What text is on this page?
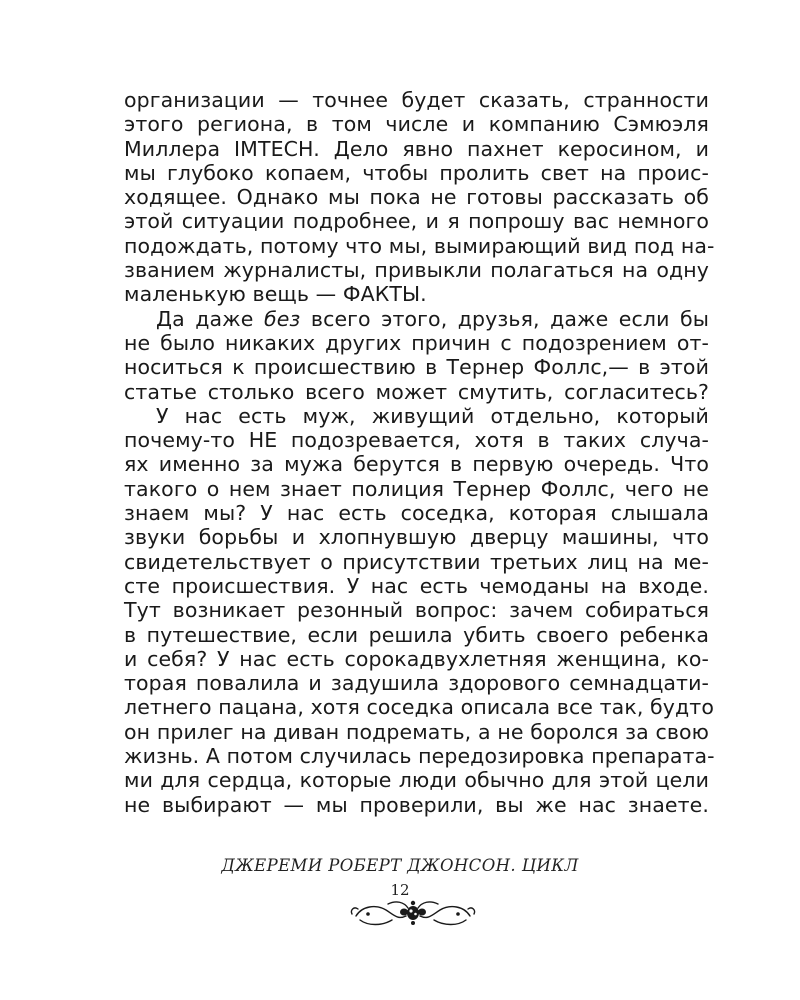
организации — точнее будет сказать, странности
этого региона, в том числе и компанию Сэмюэля
Миллера IMTECH. Дело явно пахнет керосином, и
мы глубоко копаем, чтобы пролить свет на проис-
ходящее. Однако мы пока не готовы рассказать об
этой ситуации подробнее, и я попрошу вас немного
подождать, потому что мы, вымирающий вид под на-
званием журналисты, привыкли полагаться на одну
маленькую вещь — ФАКТЫ.
Да даже без всего этого, друзья, даже если бы
не было никаких других причин с подозрением от-
носиться к происшествию в Тернер Фоллс,— в этой
статье столько всего может смутить, согласитесь?
У нас есть муж, живущий отдельно, который
почему-то НЕ подозревается, хотя в таких случа-
ях именно за мужа берутся в первую очередь. Что
такого о нем знает полиция Тернер Фоллс, чего не
знаем мы? У нас есть соседка, которая слышала
звуки борьбы и хлопнувшую дверцу машины, что
свидетельствует о присутствии третьих лиц на ме-
сте происшествия. У нас есть чемоданы на входе.
Тут возникает резонный вопрос: зачем собираться
в путешествие, если решила убить своего ребенка
и себя? У нас есть сорокадвухлетняя женщина, ко-
торая повалила и задушила здорового семнадцати-
летнего пацана, хотя соседка описала все так, будто
он прилег на диван подремать, а не боролся за свою
жизнь. А потом случилась передозировка препарата-
ми для сердца, которые люди обычно для этой цели
не выбирают — мы проверили, вы же нас знаете.
ДЖЕРЕМИ РОБЕРТ ДЖОНСОН. ЦИКЛ
12
